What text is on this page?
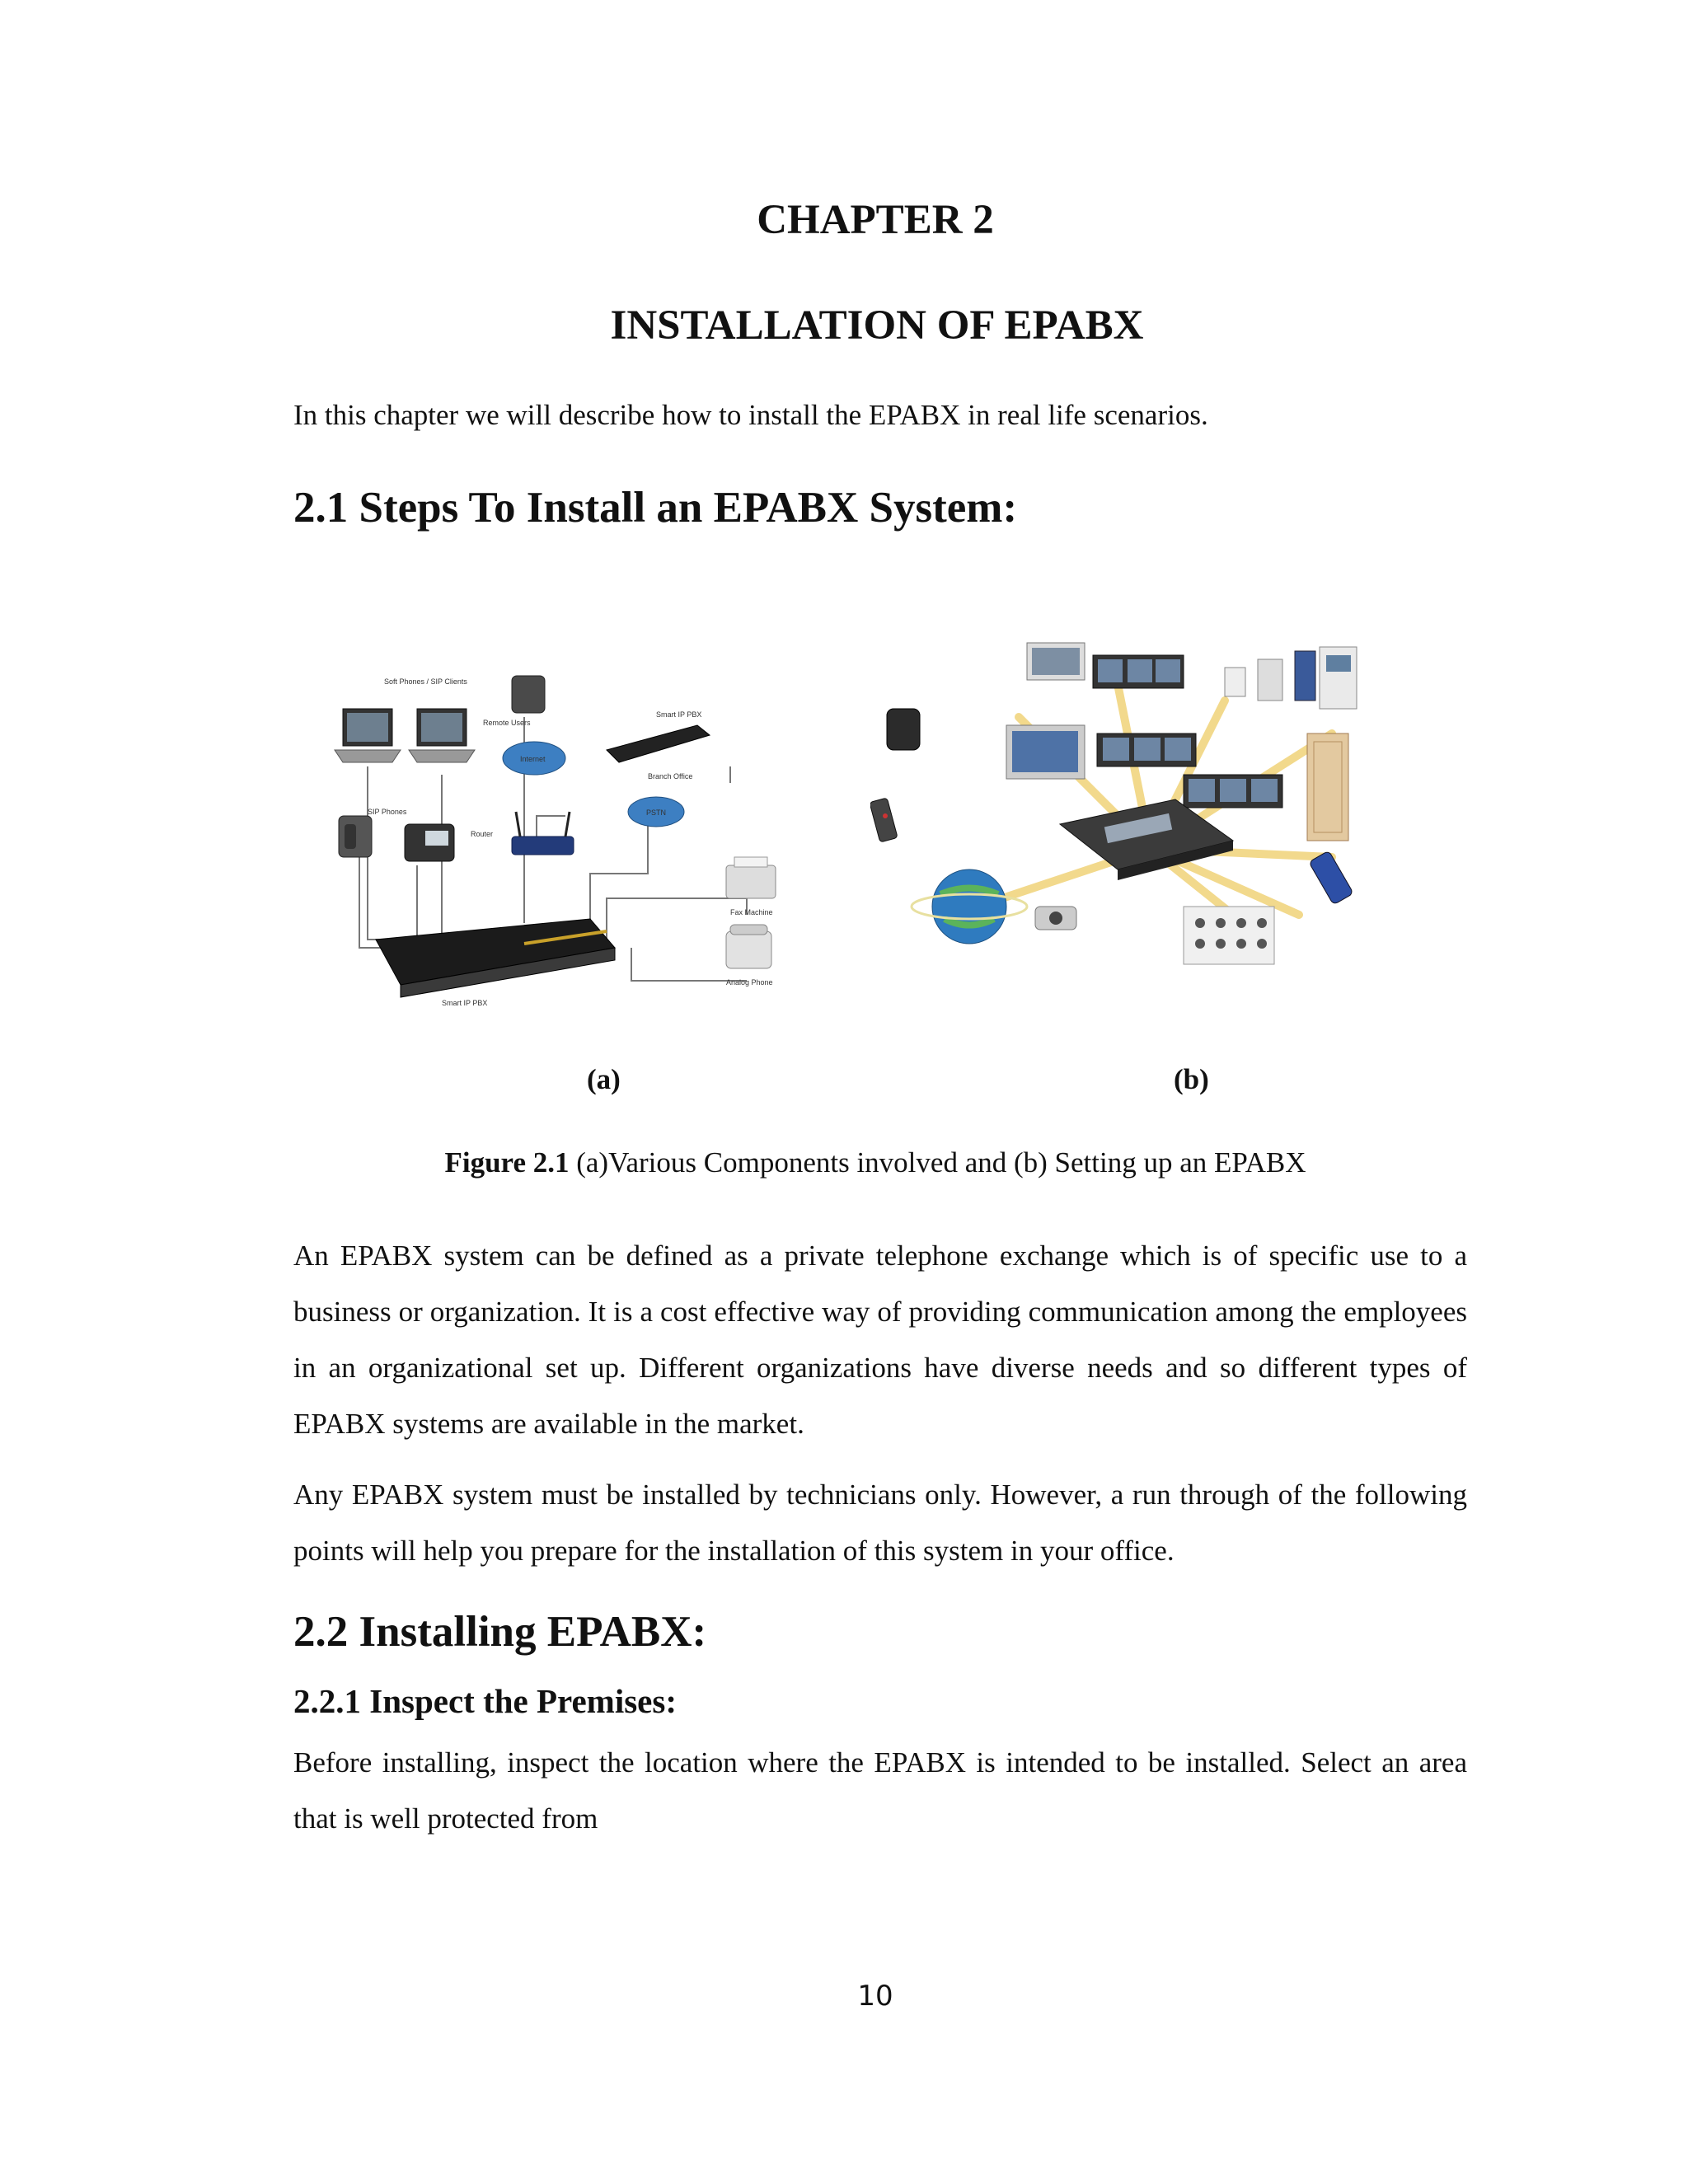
CHAPTER 2
INSTALLATION OF EPABX
In this chapter we will describe how to install the EPABX in real life scenarios.
2.1 Steps To Install an EPABX System:
Soft Phones / SIP Clients
SIP Phones
Remote Users
Internet
Router
Smart IP PBX
Branch Office
PSTN
Fax Machine
Analog Phone
Smart IP PBX
(a)	(b)
Figure 2.1 (a)Various Components involved and (b) Setting up an EPABX

An EPABX system can be defined as a private telephone exchange which is of specific use to a business or organization. It is a cost effective way of providing communication among the employees in an organizational set up. Different organizations have diverse needs and so different types of EPABX systems are available in the market.

Any EPABX system must be installed by technicians only. However, a run through of the following points will help you prepare for the installation of this system in your office.

2.2 Installing EPABX:
2.2.1 Inspect the Premises:

Before installing, inspect the location where the EPABX is intended to be installed. Select an area that is well protected from

10
